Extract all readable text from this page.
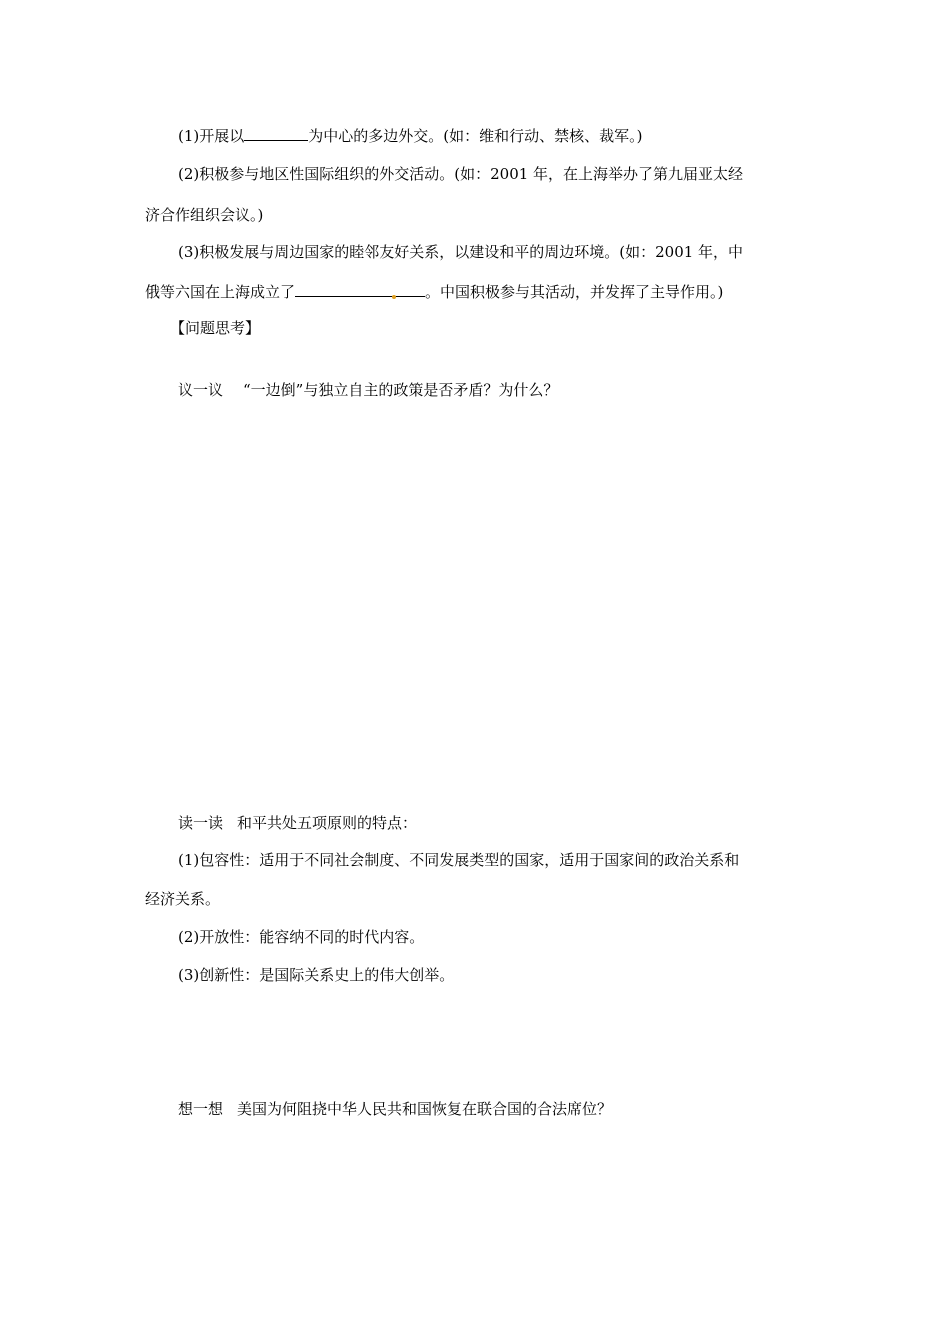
(1)开展以	为中心的多边外交。(如：维和行动、禁核、裁军。)
(2)积极参与地区性国际组织的外交活动。(如：2001 年，在上海举办了第九届亚太经
济合作组织会议。)
(3)积极发展与周边国家的睦邻友好关系，以建设和平的周边环境。(如：2001 年，中
俄等六国在上海成立了	。中国积极参与其活动，并发挥了主导作用。)
【问题思考】
议一议 “一边倒”与独立自主的政策是否矛盾？为什么？
读一读 和平共处五项原则的特点：
(1)包容性：适用于不同社会制度、不同发展类型的国家，适用于国家间的政治关系和
经济关系。
(2)开放性：能容纳不同的时代内容。
(3)创新性：是国际关系史上的伟大创举。
想一想 美国为何阻挠中华人民共和国恢复在联合国的合法席位？
